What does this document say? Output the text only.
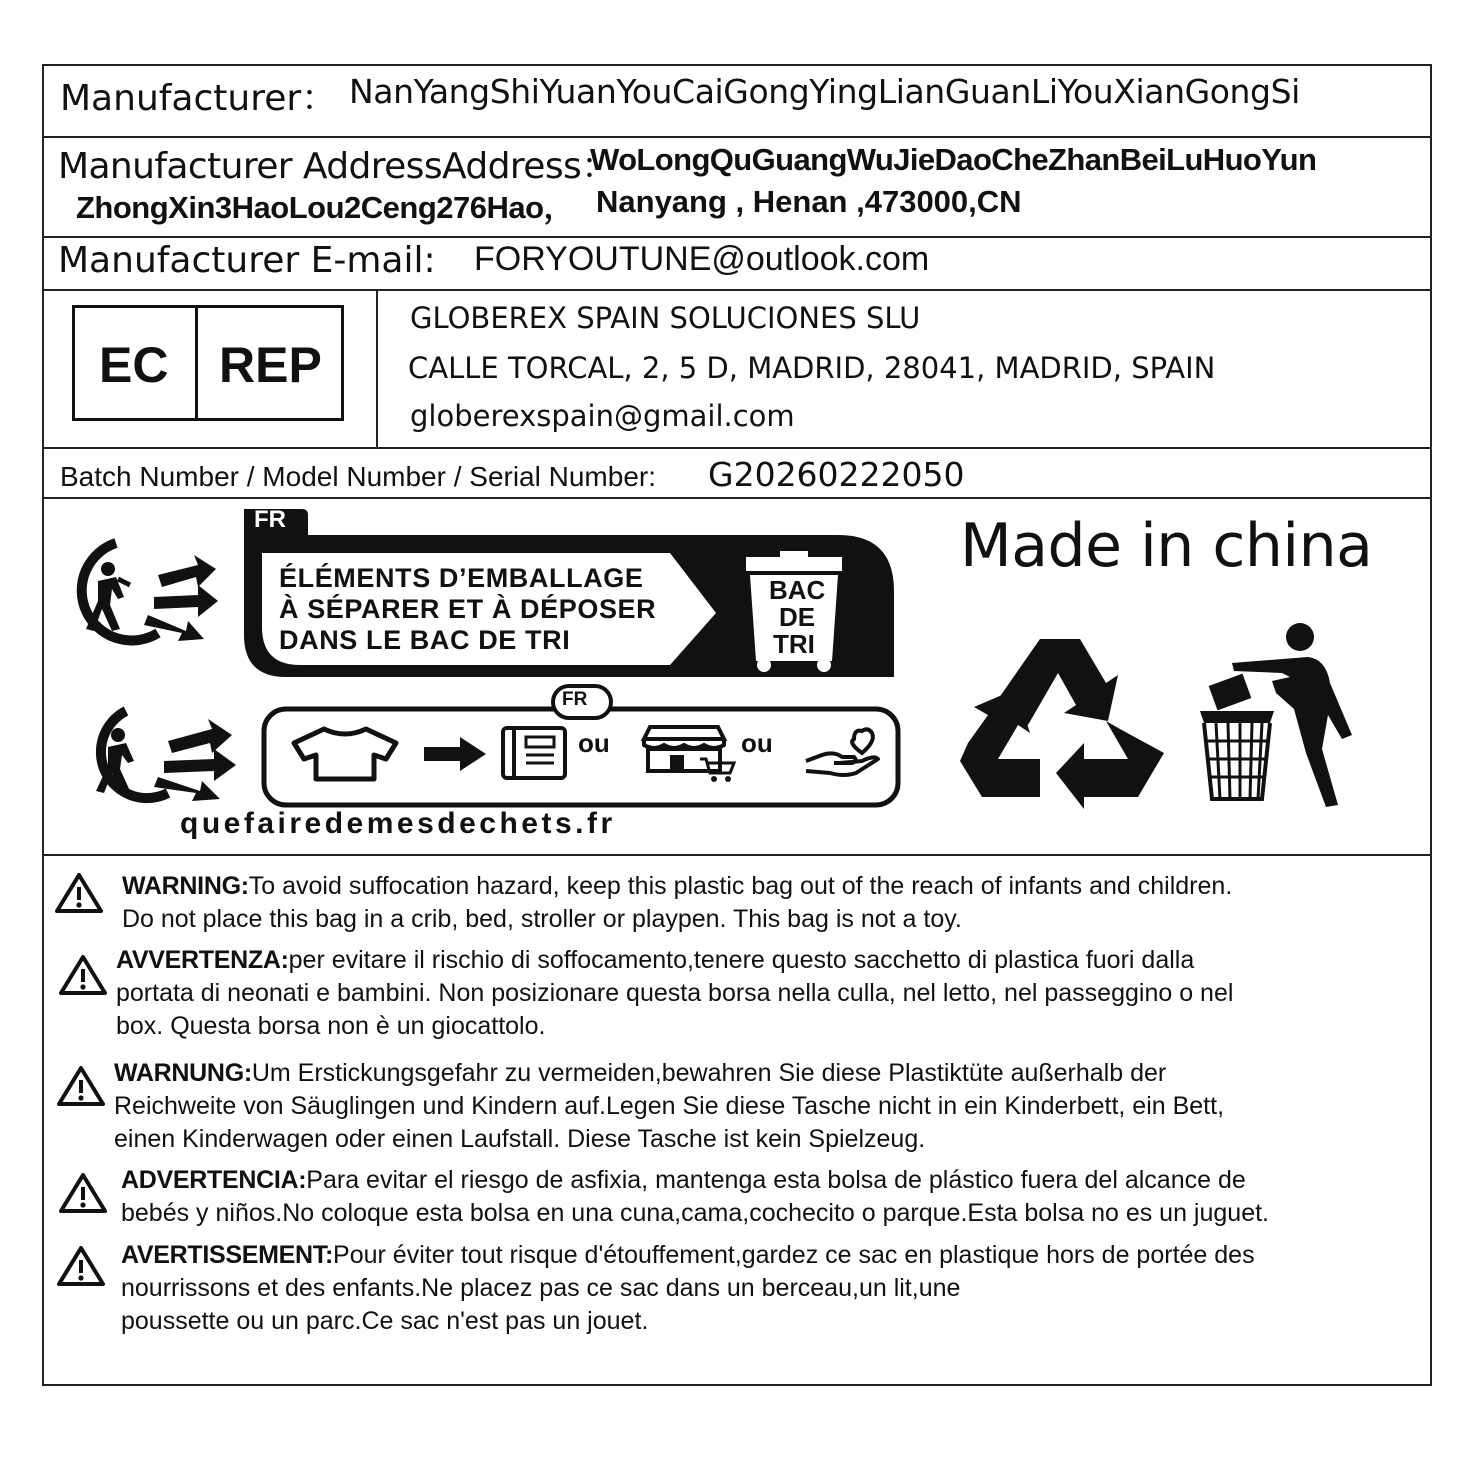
Manufacturer： NanYangShiYuanYouCaiGongYingLianGuanLiYouXianGongSi
Manufacturer AddressAddress：
WoLongQuGuangWuJieDaoCheZhanBeiLuHuoYun
ZhongXin3HaoLou2Ceng276Hao， Nanyang , Henan ,473000,CN
Manufacturer E-mail: FORYOUTUNE@outlook.com
EC REP
GLOBEREX SPAIN SOLUCIONES SLU
CALLE TORCAL, 2, 5 D, MADRID, 28041, MADRID, SPAIN
globerexspain@gmail.com
Batch Number / Model Number / Serial Number: G20260222050
FR
ÉLÉMENTS D’EMBALLAGE
À SÉPARER ET À DÉPOSER
DANS LE BAC DE TRI
BAC
DE
TRI
FR
ou	ou
quefairedemesdechets.fr
Made in china
WARNING:To avoid suffocation hazard, keep this plastic bag out of the reach of infants and children.
Do not place this bag in a crib, bed, stroller or playpen. This bag is not a toy.
AVVERTENZA:per evitare il rischio di soffocamento,tenere questo sacchetto di plastica fuori dalla
portata di neonati e bambini. Non posizionare questa borsa nella culla, nel letto, nel passeggino o nel
box. Questa borsa non è un giocattolo.
WARNUNG:Um Erstickungsgefahr zu vermeiden,bewahren Sie diese Plastiktüte außerhalb der
Reichweite von Säuglingen und Kindern auf.Legen Sie diese Tasche nicht in ein Kinderbett, ein Bett,
einen Kinderwagen oder einen Laufstall. Diese Tasche ist kein Spielzeug.
ADVERTENCIA:Para evitar el riesgo de asfixia, mantenga esta bolsa de plástico fuera del alcance de
bebés y niños.No coloque esta bolsa en una cuna,cama,cochecito o parque.Esta bolsa no es un juguet.
AVERTISSEMENT:Pour éviter tout risque d'étouffement,gardez ce sac en plastique hors de portée des
nourrissons et des enfants.Ne placez pas ce sac dans un berceau,un lit,une
poussette ou un parc.Ce sac n'est pas un jouet.
